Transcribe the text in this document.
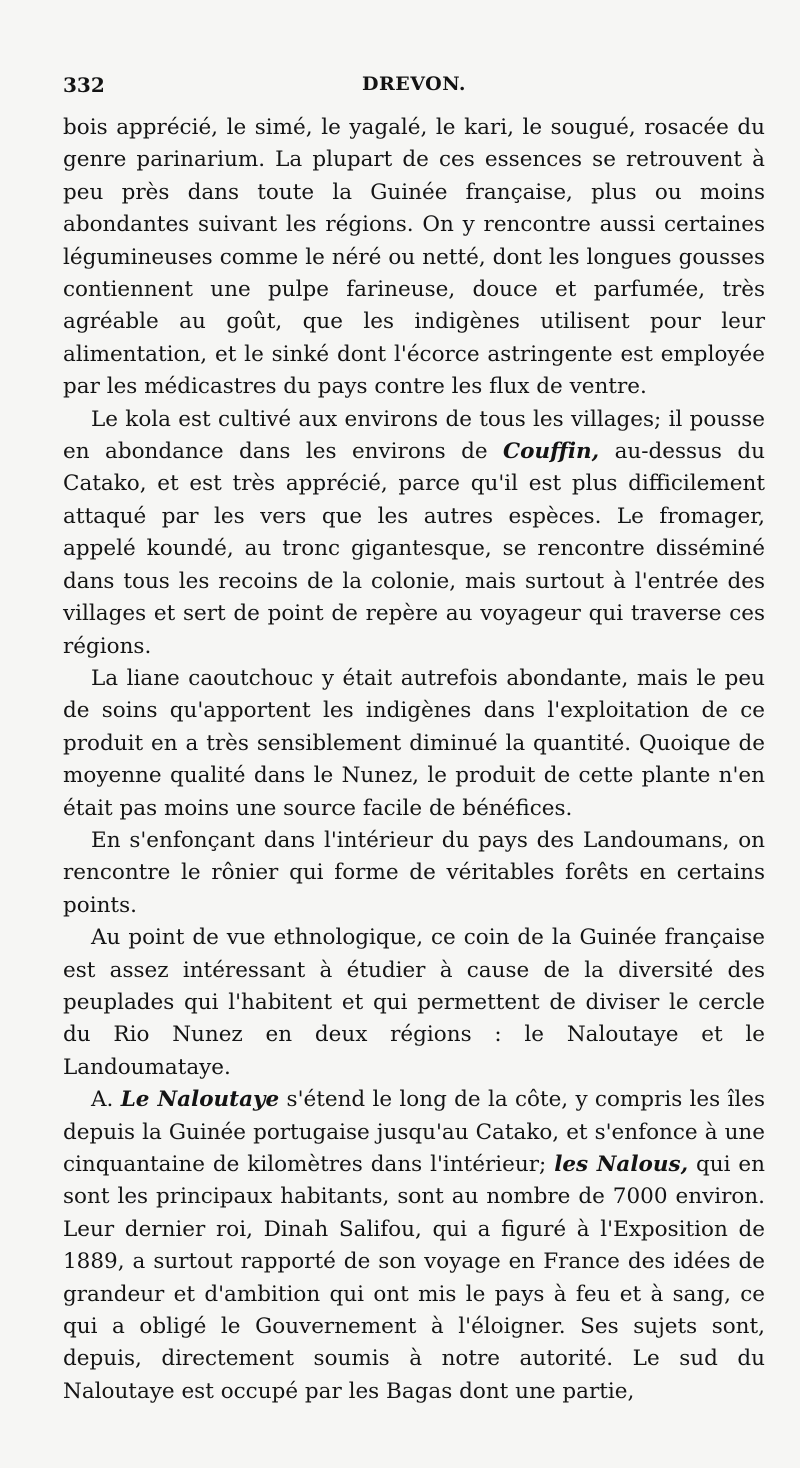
332	DREVON.

bois apprécié, le simé, le yagalé, le kari, le sougué, rosacée du genre parinarium. La plupart de ces essences se retrouvent à peu près dans toute la Guinée française, plus ou moins abondantes suivant les régions. On y rencontre aussi certaines légumineuses comme le néré ou netté, dont les longues gousses contiennent une pulpe farineuse, douce et parfumée, très agréable au goût, que les indigènes utilisent pour leur alimentation, et le sinké dont l'écorce astringente est employée par les médicastres du pays contre les flux de ventre.

Le kola est cultivé aux environs de tous les villages; il pousse en abondance dans les environs de Couffin, au-dessus du Catako, et est très apprécié, parce qu'il est plus difficilement attaqué par les vers que les autres espèces. Le fromager, appelé koundé, au tronc gigantesque, se rencontre disséminé dans tous les recoins de la colonie, mais surtout à l'entrée des villages et sert de point de repère au voyageur qui traverse ces régions.

La liane caoutchouc y était autrefois abondante, mais le peu de soins qu'apportent les indigènes dans l'exploitation de ce produit en a très sensiblement diminué la quantité. Quoique de moyenne qualité dans le Nunez, le produit de cette plante n'en était pas moins une source facile de bénéfices.

En s'enfonçant dans l'intérieur du pays des Landoumans, on rencontre le rônier qui forme de véritables forêts en certains points.

Au point de vue ethnologique, ce coin de la Guinée française est assez intéressant à étudier à cause de la diversité des peuplades qui l'habitent et qui permettent de diviser le cercle du Rio Nunez en deux régions : le Naloutaye et le Landoumataye.

A. Le Naloutaye s'étend le long de la côte, y compris les îles depuis la Guinée portugaise jusqu'au Catako, et s'enfonce à une cinquantaine de kilomètres dans l'intérieur; les Nalous, qui en sont les principaux habitants, sont au nombre de 7000 environ. Leur dernier roi, Dinah Salifou, qui a figuré à l'Exposition de 1889, a surtout rapporté de son voyage en France des idées de grandeur et d'ambition qui ont mis le pays à feu et à sang, ce qui a obligé le Gouvernement à l'éloigner. Ses sujets sont, depuis, directement soumis à notre autorité. Le sud du Naloutaye est occupé par les Bagas dont une partie,
